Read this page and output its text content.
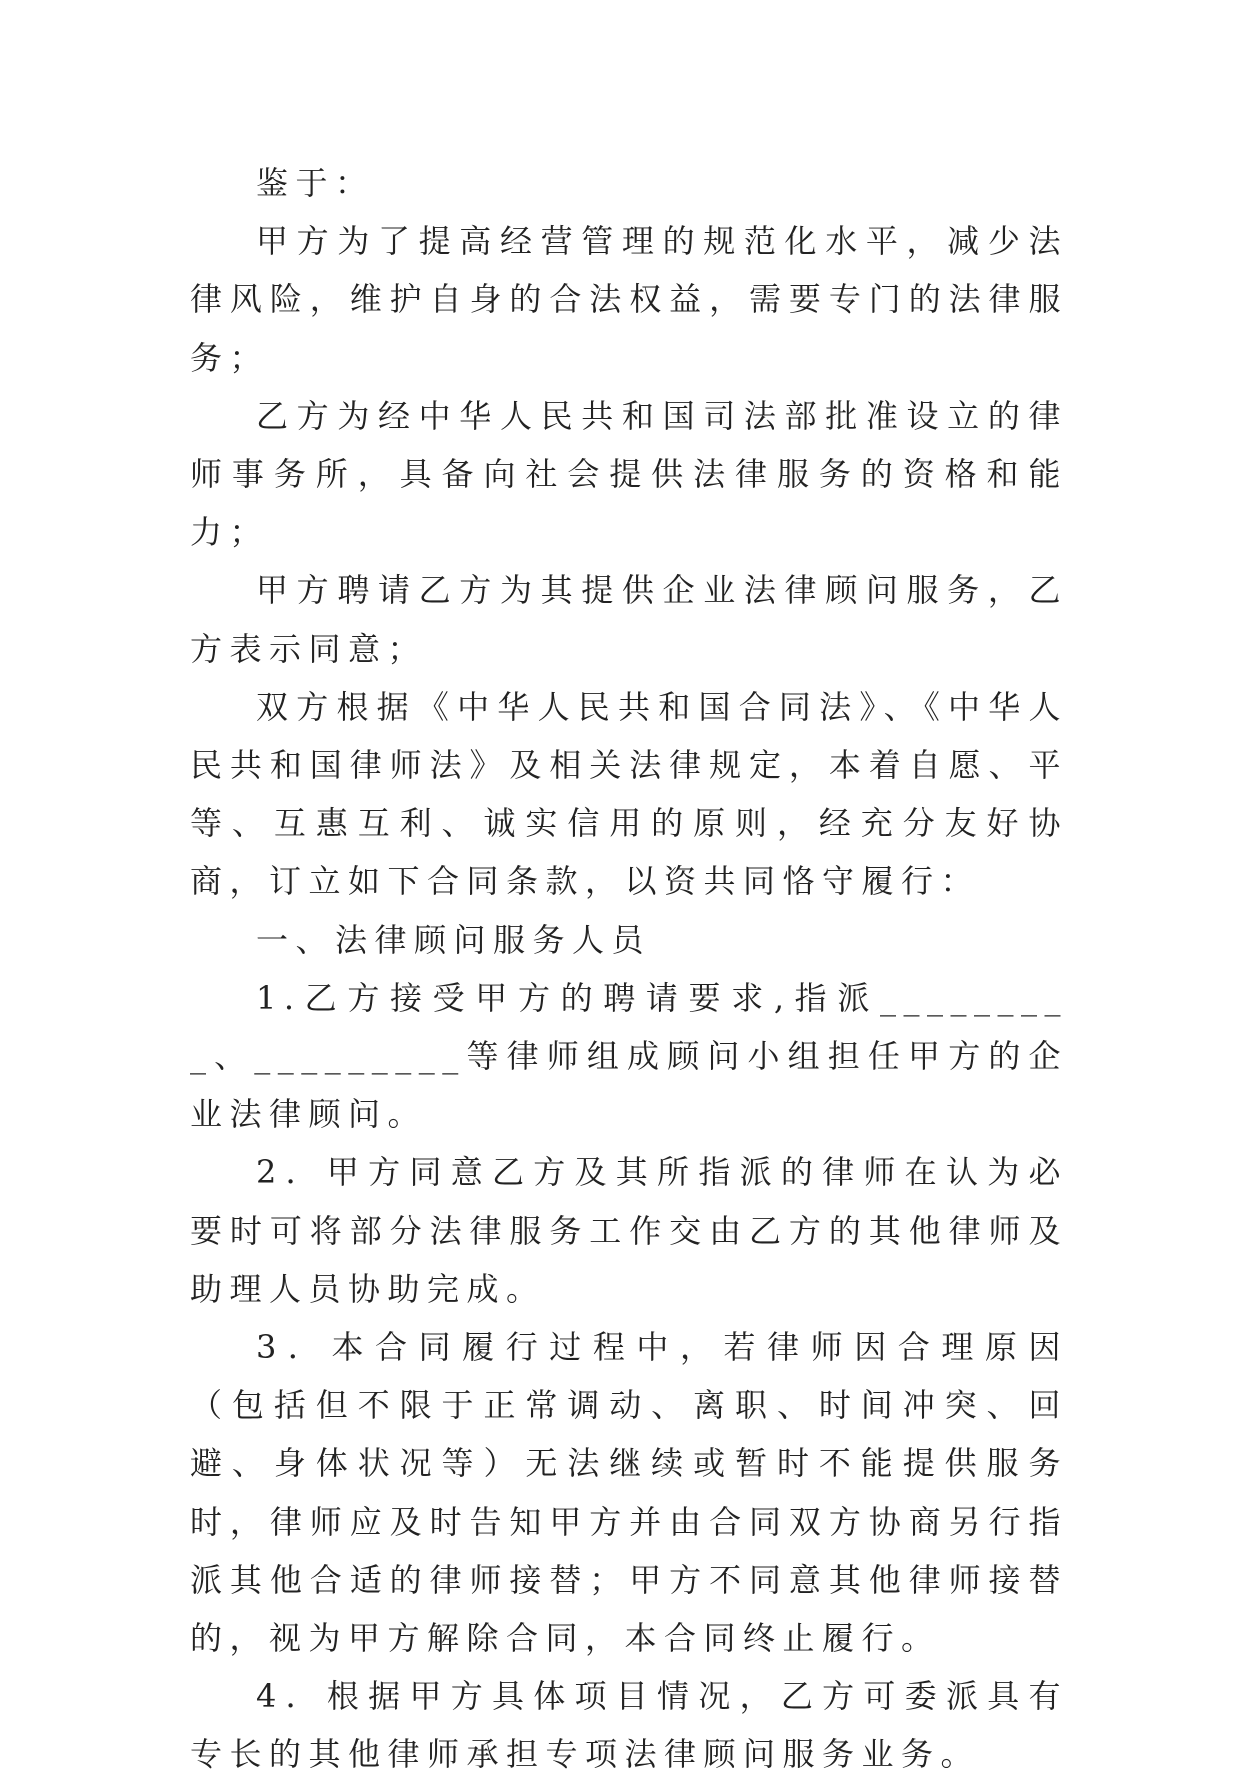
鉴于：

甲方为了提高经营管理的规范化水平，减少法律风险，维护自身的合法权益，需要专门的法律服务；

乙方为经中华人民共和国司法部批准设立的律师事务所，具备向社会提供法律服务的资格和能力；

甲方聘请乙方为其提供企业法律顾问服务，乙方表示同意；

双方根据《中华人民共和国合同法》、《中华人民共和国律师法》及相关法律规定，本着自愿、平等、互惠互利、诚实信用的原则，经充分友好协商，订立如下合同条款，以资共同恪守履行：

一、法律顾问服务人员

1.乙方接受甲方的聘请要求,指派_________、_________等律师组成顾问小组担任甲方的企业法律顾问。

2．甲方同意乙方及其所指派的律师在认为必要时可将部分法律服务工作交由乙方的其他律师及助理人员协助完成。

3．本合同履行过程中，若律师因合理原因（包括但不限于正常调动、离职、时间冲突、回避、身体状况等）无法继续或暂时不能提供服务时，律师应及时告知甲方并由合同双方协商另行指派其他合适的律师接替；甲方不同意其他律师接替的，视为甲方解除合同，本合同终止履行。

4．根据甲方具体项目情况，乙方可委派具有专长的其他律师承担专项法律顾问服务业务。
